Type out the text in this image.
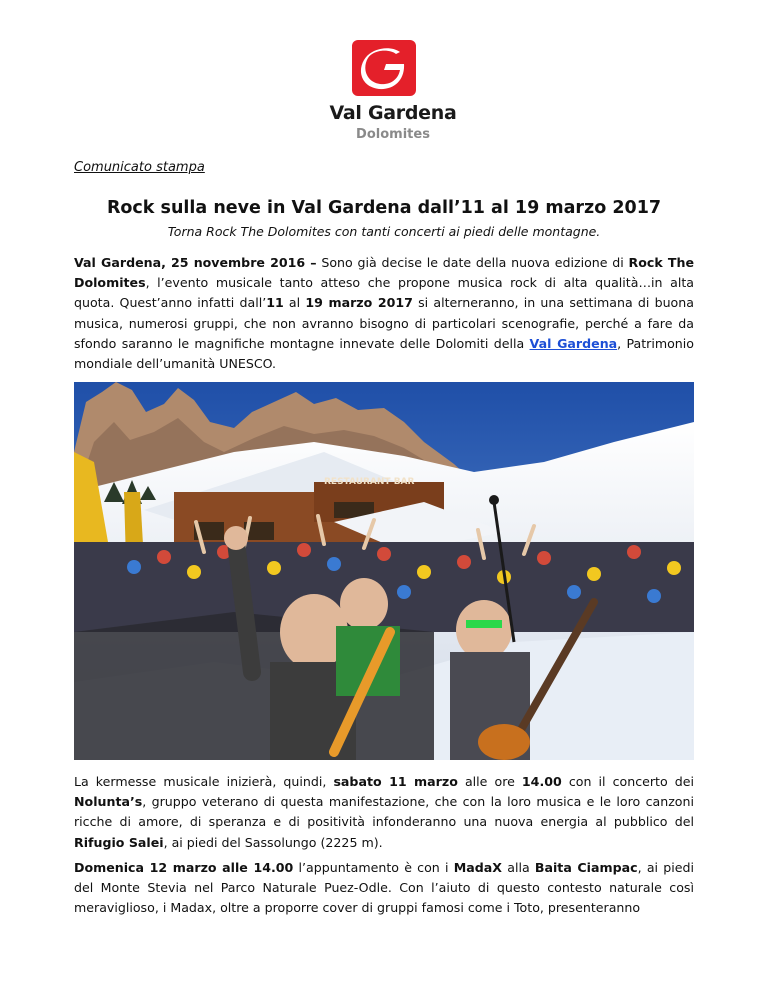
Val Gardena
Dolomites
Comunicato stampa
Rock sulla neve in Val Gardena dall’11 al 19 marzo 2017
Torna Rock The Dolomites con tanti concerti ai piedi delle montagne.
Val Gardena, 25 novembre 2016 – Sono già decise le date della nuova edizione di Rock The Dolomites, l’evento musicale tanto atteso che propone musica rock di alta qualità…in alta quota. Quest’anno infatti dall’11 al 19 marzo 2017 si alterneranno, in una settimana di buona musica, numerosi gruppi, che non avranno bisogno di particolari scenografie, perché a fare da sfondo saranno le magnifiche montagne innevate delle Dolomiti della Val Gardena, Patrimonio mondiale dell’umanità UNESCO.
RESTAURANT BAR
La kermesse musicale inizierà, quindi, sabato 11 marzo alle ore 14.00 con il concerto dei Nolunta’s, gruppo veterano di questa manifestazione, che con la loro musica e le loro canzoni ricche di amore, di speranza e di positività infonderanno una nuova energia al pubblico del Rifugio Salei, ai piedi del Sassolungo (2225 m).
Domenica 12 marzo alle 14.00 l’appuntamento è con i MadaX alla Baita Ciampac, ai piedi del Monte Stevia nel Parco Naturale Puez-Odle. Con l’aiuto di questo contesto naturale così meraviglioso, i Madax, oltre a proporre cover di gruppi famosi come i Toto, presenteranno
